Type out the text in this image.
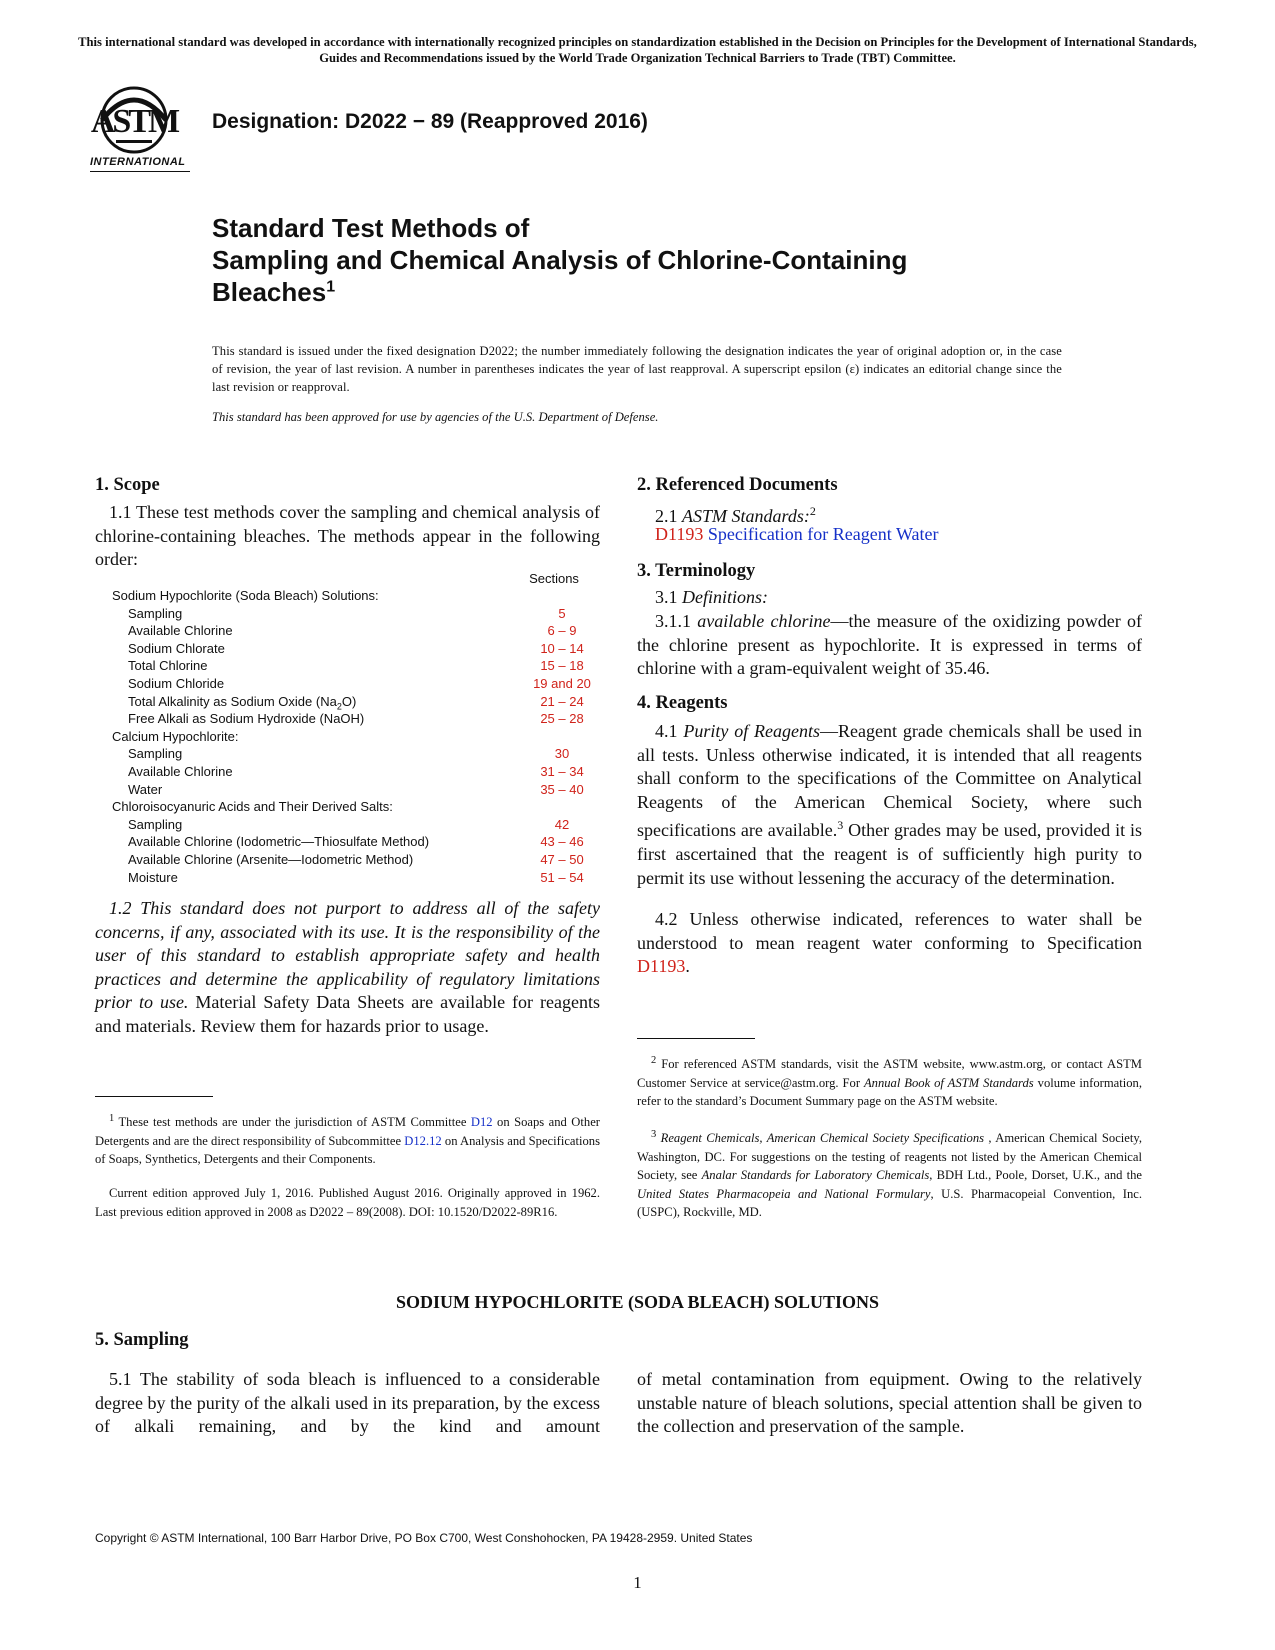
This international standard was developed in accordance with internationally recognized principles on standardization established in the Decision on Principles for the Development of International Standards, Guides and Recommendations issued by the World Trade Organization Technical Barriers to Trade (TBT) Committee.
ASTM
INTERNATIONAL
Designation: D2022 − 89 (Reapproved 2016)
Standard Test Methods of
Sampling and Chemical Analysis of Chlorine-Containing
Bleaches$^1$
This standard is issued under the fixed designation D2022; the number immediately following the designation indicates the year of original adoption or, in the case of revision, the year of last revision. A number in parentheses indicates the year of last reapproval. A superscript epsilon (ε) indicates an editorial change since the last revision or reapproval.
This standard has been approved for use by agencies of the U.S. Department of Defense.
1. Scope
1.1 These test methods cover the sampling and chemical analysis of chlorine-containing bleaches. The methods appear in the following order:
Sections
Sodium Hypochlorite (Soda Bleach) Solutions:
Sampling	5
Available Chlorine	6 – 9
Sodium Chlorate	10 – 14
Total Chlorine	15 – 18
Sodium Chloride	19 and 20
Total Alkalinity as Sodium Oxide $(Na_2O)$	21 – 24
Free Alkali as Sodium Hydroxide (NaOH)	25 – 28
Calcium Hypochlorite:
Sampling	30
Available Chlorine	31 – 34
Water	35 – 40
Chloroisocyanuric Acids and Their Derived Salts:
Sampling	42
Available Chlorine (Iodometric—Thiosulfate Method)	43 – 46
Available Chlorine (Arsenite—Iodometric Method)	47 – 50
Moisture	51 – 54
1.2 This standard does not purport to address all of the safety concerns, if any, associated with its use. It is the responsibility of the user of this standard to establish appropriate safety and health practices and determine the applicability of regulatory limitations prior to use. Material Safety Data Sheets are available for reagents and materials. Review them for hazards prior to usage.
$^1$ These test methods are under the jurisdiction of ASTM Committee D12 on Soaps and Other Detergents and are the direct responsibility of Subcommittee D12.12 on Analysis and Specifications of Soaps, Synthetics, Detergents and their Components.
Current edition approved July 1, 2016. Published August 2016. Originally approved in 1962. Last previous edition approved in 2008 as D2022 – 89(2008). DOI: 10.1520/D2022-89R16.
2. Referenced Documents
2.1 ASTM Standards:$^2$
D1193 Specification for Reagent Water
3. Terminology
3.1 Definitions:
3.1.1 available chlorine—the measure of the oxidizing powder of the chlorine present as hypochlorite. It is expressed in terms of chlorine with a gram-equivalent weight of 35.46.
4. Reagents
4.1 Purity of Reagents—Reagent grade chemicals shall be used in all tests. Unless otherwise indicated, it is intended that all reagents shall conform to the specifications of the Committee on Analytical Reagents of the American Chemical Society, where such specifications are available.$^3$ Other grades may be used, provided it is first ascertained that the reagent is of sufficiently high purity to permit its use without lessening the accuracy of the determination.
4.2 Unless otherwise indicated, references to water shall be understood to mean reagent water conforming to Specification D1193.
$^2$ For referenced ASTM standards, visit the ASTM website, www.astm.org, or contact ASTM Customer Service at service@astm.org. For Annual Book of ASTM Standards volume information, refer to the standard’s Document Summary page on the ASTM website.
$^3$ Reagent Chemicals, American Chemical Society Specifications , American Chemical Society, Washington, DC. For suggestions on the testing of reagents not listed by the American Chemical Society, see Analar Standards for Laboratory Chemicals, BDH Ltd., Poole, Dorset, U.K., and the United States Pharmacopeia and National Formulary, U.S. Pharmacopeial Convention, Inc. (USPC), Rockville, MD.
SODIUM HYPOCHLORITE (SODA BLEACH) SOLUTIONS
5. Sampling
5.1 The stability of soda bleach is influenced to a considerable degree by the purity of the alkali used in its preparation, by the excess of alkali remaining, and by the kind and amount
of metal contamination from equipment. Owing to the relatively unstable nature of bleach solutions, special attention shall be given to the collection and preservation of the sample.
Copyright © ASTM International, 100 Barr Harbor Drive, PO Box C700, West Conshohocken, PA 19428-2959. United States
1
